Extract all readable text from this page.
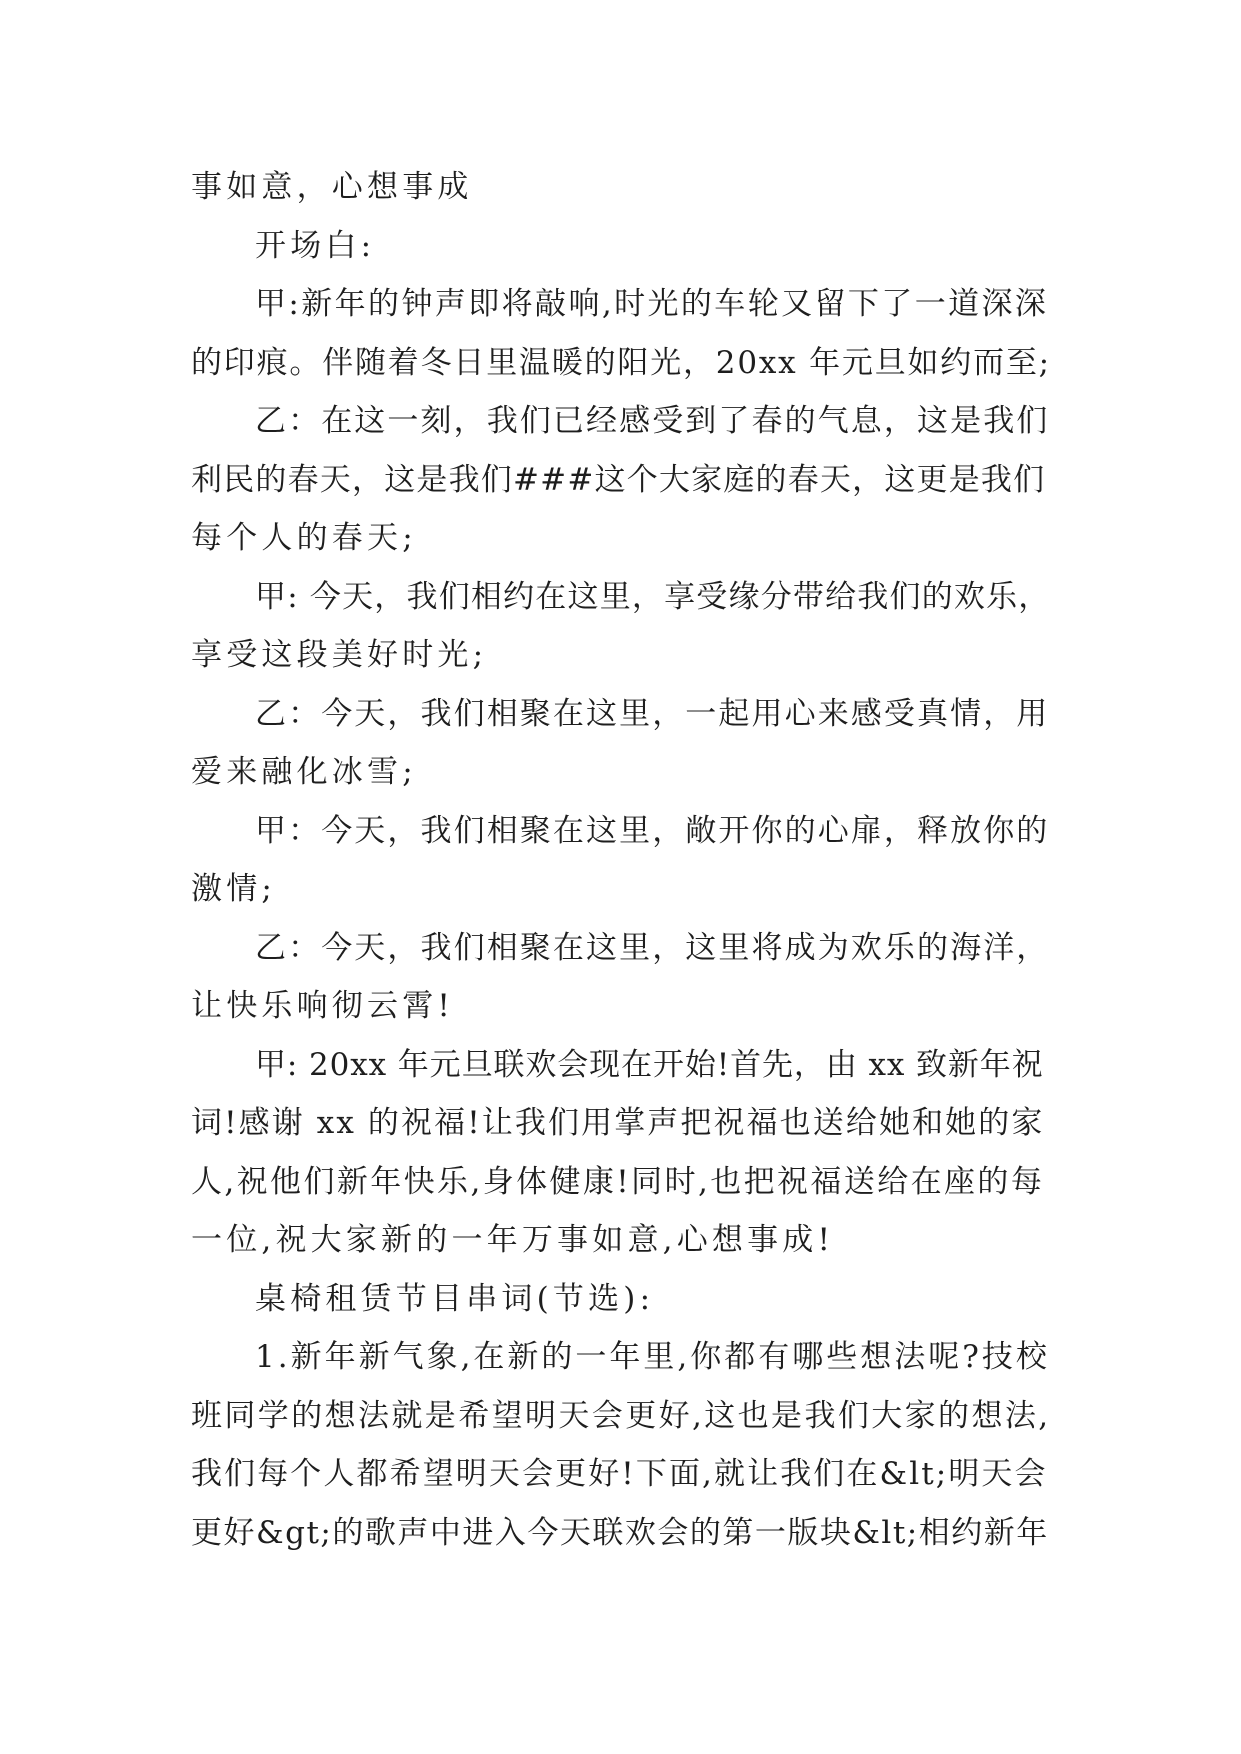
事如意，心想事成
开场白:
甲:新年的钟声即将敲响,时光的车轮又留下了一道深深
的印痕。伴随着冬日里温暖的阳光，20xx 年元旦如约而至;
乙：在这一刻，我们已经感受到了春的气息，这是我们
利民的春天，这是我们###这个大家庭的春天，这更是我们
每个人的春天;
甲: 今天，我们相约在这里，享受缘分带给我们的欢乐，
享受这段美好时光;
乙：今天，我们相聚在这里，一起用心来感受真情，用
爱来融化冰雪;
甲：今天，我们相聚在这里，敞开你的心扉，释放你的
激情;
乙：今天，我们相聚在这里，这里将成为欢乐的海洋，
让快乐响彻云霄!
甲: 20xx 年元旦联欢会现在开始!首先，由 xx 致新年祝
词!感谢 xx 的祝福!让我们用掌声把祝福也送给她和她的家
人,祝他们新年快乐,身体健康!同时,也把祝福送给在座的每
一位,祝大家新的一年万事如意,心想事成!
桌椅租赁节目串词(节选):
1.新年新气象,在新的一年里,你都有哪些想法呢?技校
班同学的想法就是希望明天会更好,这也是我们大家的想法,
我们每个人都希望明天会更好!下面,就让我们在&lt;明天会
更好&gt;的歌声中进入今天联欢会的第一版块&lt;相约新年
